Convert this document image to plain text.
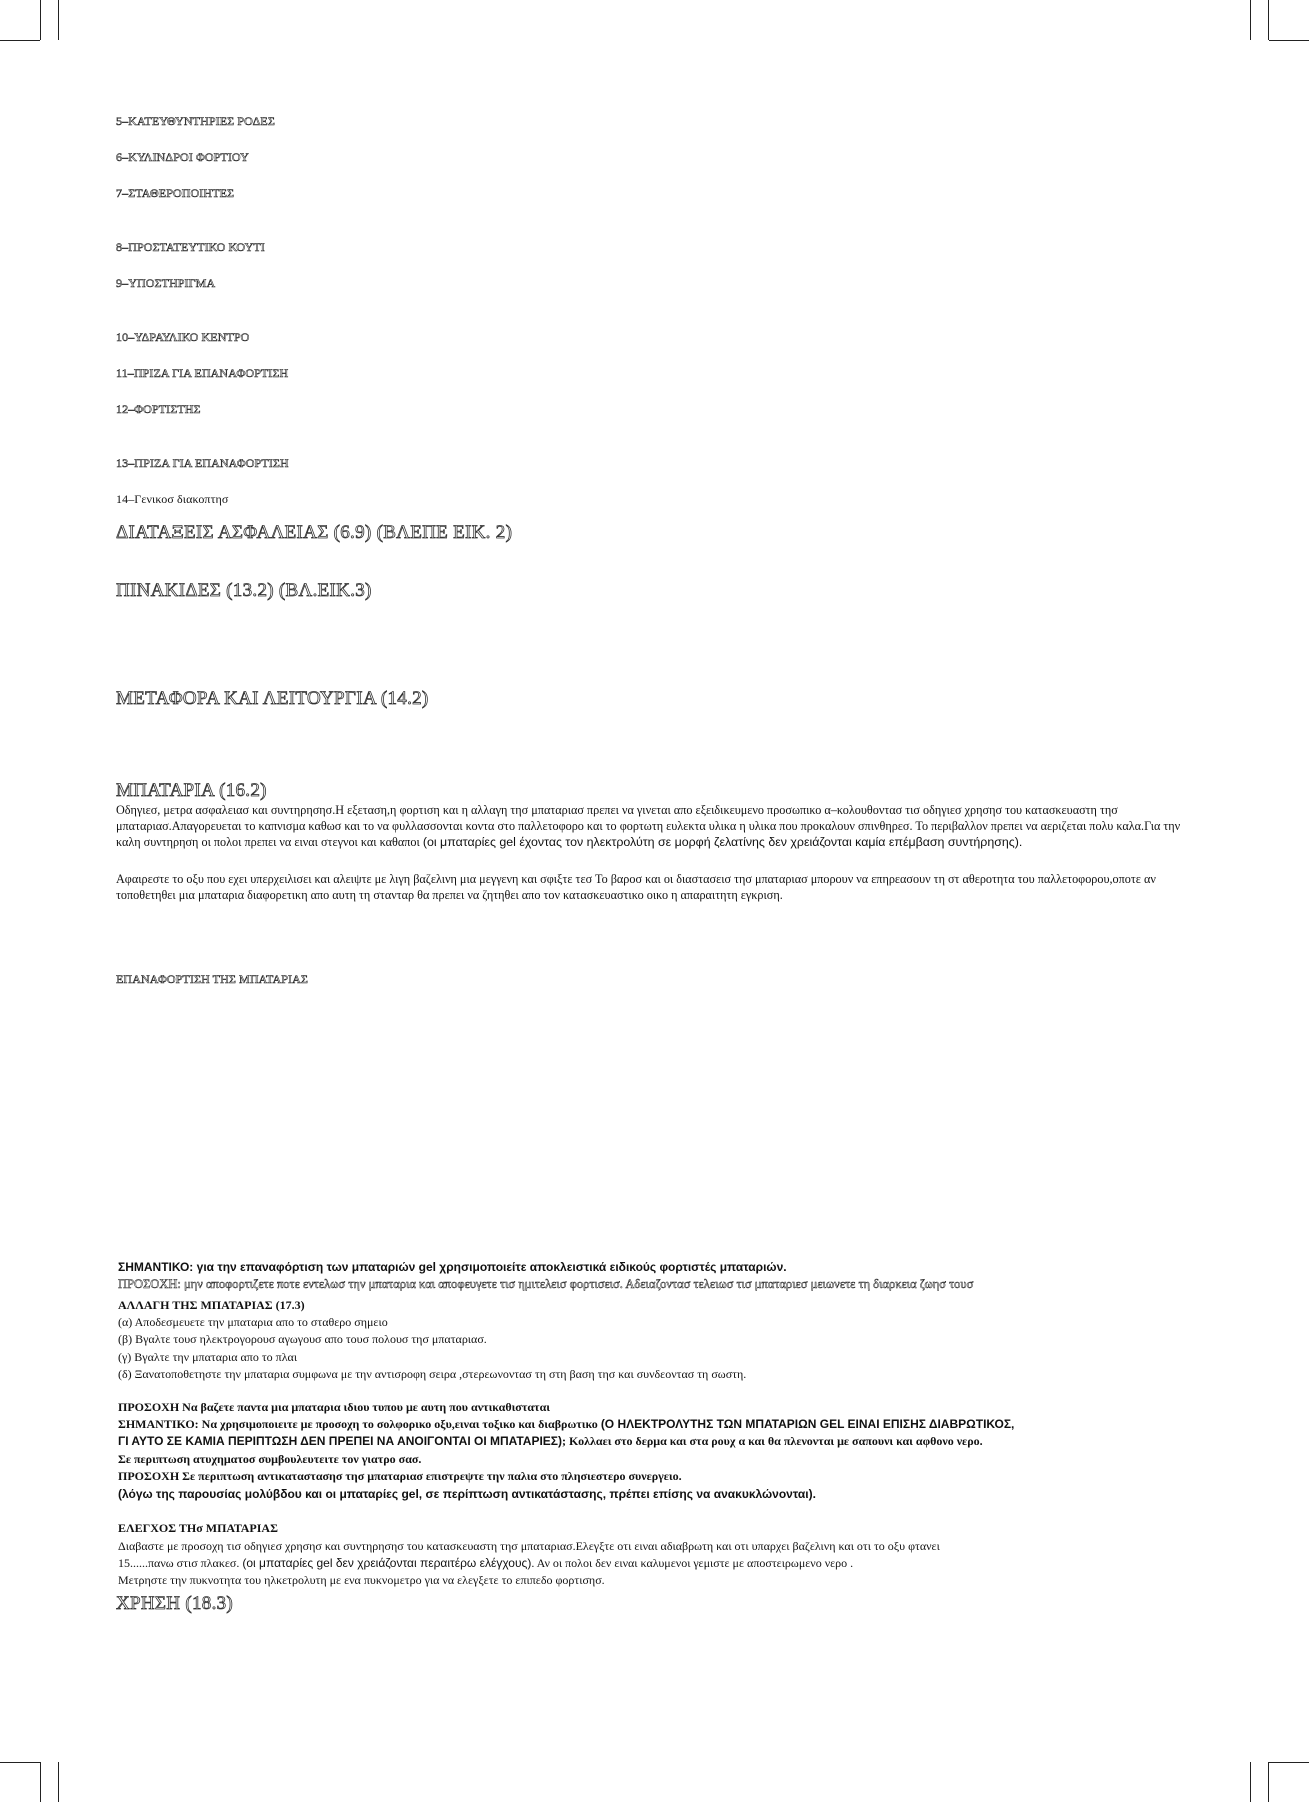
5–ΚΑΤΕΥΘΥΝΤΗΡΙΕΣ ΡΟΔΕΣ
6–ΚΥΛΙΝΔΡΟΙ ΦΟΡΤΙΟΥ
7–ΣΤΑΘΕΡΟΠΟΙΗΤΕΣ
8–ΠΡΟΣΤΑΤΕΥΤΙΚΟ ΚΟΥΤΙ
9–ΥΠΟΣΤΗΡΙΓΜΑ
10–ΥΔΡΑΥΛΙΚΟ ΚΕΝΤΡΟ
11–ΠΡΙΖΑ ΓΙΑ ΕΠΑΝΑΦΟΡΤΙΣΗ
12–ΦΟΡΤΙΣΤΗΣ
13–ΠΡΙΖΑ ΓΙΑ ΕΠΑΝΑΦΟΡΤΙΣΗ
14–Γενικοσ διακοπτησ
ΔΙΑΤΑΞΕΙΣ ΑΣΦΑΛΕΙΑΣ (6.9) (ΒΛΕΠΕ ΕΙΚ. 2)
ΠΙΝΑΚΙΔΕΣ (13.2) (ΒΛ.ΕΙΚ.3)
ΜΕΤΑΦΟΡΑ ΚΑΙ ΛΕΙΤΟΥΡΓΙΑ (14.2)
ΜΠΑΤΑΡΙΑ (16.2)
Οδηγιεσ, μετρα ασφαλειασ και συντηρησησ.Η εξεταση,η φορτιση και η αλλαγη τησ μπαταριασ πρεπει να γινεται απο εξειδικευμενο προσωπικο α–κολουθοντασ τισ οδηγιεσ χρησησ του κατασκευαστη τησ μπαταριασ.Απαγορευεται το καπνισμα καθωσ και το να φυλλασσονται κοντα στο παλλετοφορο και το φορτωτη ευλεκτα υλικα η υλικα που προκαλουν σπινθηρεσ. Το περιβαλλον πρεπει να αεριζεται πολυ καλα.Για την καλη συντηρηση οι πολοι πρεπει να ειναι στεγνοι και καθαποι (οι μπαταρίες gel έχοντας τον ηλεκτρολύτη σε μορφή ζελατίνης δεν χρειάζονται καμία επέμβαση συντήρησης).
Αφαιρεστε το οξυ που εχει υπερχειλισει και αλειψτε με λιγη βαζελινη μια μεγγενη και σφιξτε τεσ Το βαροσ και οι διαστασεισ τησ μπαταριασ μπορουν να επηρεασουν τη στ αθεροτητα του παλλετοφορου,οποτε αν τοποθετηθει μια μπαταρια διαφορετικη απο αυτη τη στανταρ θα πρεπει να ζητηθει απο τον κατασκευαστικο οικο η απαραιτητη εγκριση.
ΕΠΑΝΑΦΟΡΤΙΣΗ ΤΗΣ ΜΠΑΤΑΡΙΑΣ
ΣΗΜΑΝΤΙΚΟ: για την επαναφόρτιση των μπαταριών gel χρησιμοποιείτε αποκλειστικά ειδικούς φορτιστές μπαταριών.
ΠΡΟΣΟΧΗ: μην αποφορτιζετε ποτε εντελωσ την μπαταρια και αποφευγετε τισ ημιτελεισ φορτισεισ. Αδειαζοντασ τελειωσ τισ μπαταριεσ μειωνετε τη διαρκεια ζωησ τουσ
ΑΛΛΑΓΗ ΤΗΣ ΜΠΑΤΑΡΙΑΣ (17.3)
(α) Αποδεσμευετε την μπαταρια απο το σταθερο σημειο
(β) Βγαλτε τουσ ηλεκτρογορουσ αγωγουσ απο τουσ πολουσ τησ μπαταριασ.
(γ) Βγαλτε την μπαταρια απο το πλαι
(δ) Ξανατοποθετηστε την μπαταρια συμφωνα με την αντισροφη σειρα ,στερεωνοντασ τη στη βαση τησ και συνδεοντασ τη σωστη.
ΠΡΟΣΟΧΗ Να βαζετε παντα μια μπαταρια ιδιου τυπου με αυτη που αντικαθισταται
ΣΗΜΑΝΤΙΚΟ: Να χρησιμοποιειτε με προσοχη το σολφορικο οξυ,ειναι τοξικο και διαβρωτικο (Ο ΗΛΕΚΤΡΟΛΥΤΗΣ ΤΩΝ ΜΠΑΤΑΡΙΩΝ GEL ΕΙΝΑΙ ΕΠΙΣΗΣ ΔΙΑΒΡΩΤΙΚΟΣ,
ΓΙ ΑΥΤΟ ΣΕ ΚΑΜΙΑ ΠΕΡΙΠΤΩΣΗ ΔΕΝ ΠΡΕΠΕΙ ΝΑ ΑΝΟΙΓΟΝΤΑΙ ΟΙ ΜΠΑΤΑΡΙΕΣ); Κολλαει στο δερμα και στα ρουχ α και θα πλενονται με σαπουνι και αφθονο νερο.
Σε περιπτωση ατυχηματοσ συμβουλευτειτε τον γιατρο σασ.
ΠΡΟΣΟΧΗ Σε περιπτωση αντικαταστασησ τησ μπαταριασ επιστρεψτε την παλια στο πλησιεστερο συνεργειο.
(λόγω της παρουσίας μολύβδου και οι μπαταρίες gel, σε περίπτωση αντικατάστασης, πρέπει επίσης να ανακυκλώνονται).
ΕΛΕΓΧΟΣ ΤΗσ ΜΠΑΤΑΡΙΑΣ
Διαβαστε με προσοχη τισ οδηγιεσ χρησησ και συντηρησησ του κατασκευαστη τησ μπαταριασ.Ελεγξτε οτι ειναι αδιαβρωτη και οτι υπαρχει βαζελινη και οτι το οξυ φτανει
15......πανω στισ πλακεσ. (οι μπαταρίες gel δεν χρειάζονται περαιτέρω ελέγχους). Αν οι πολοι δεν ειναι καλυμενοι γεμιστε με αποστειρωμενο νερο .
Μετρηστε την πυκνοτητα του ηλκετρολυτη με ενα πυκνομετρο για να ελεγξετε το επιπεδο φορτισησ.
ΧΡΗΣΗ (18.3)
